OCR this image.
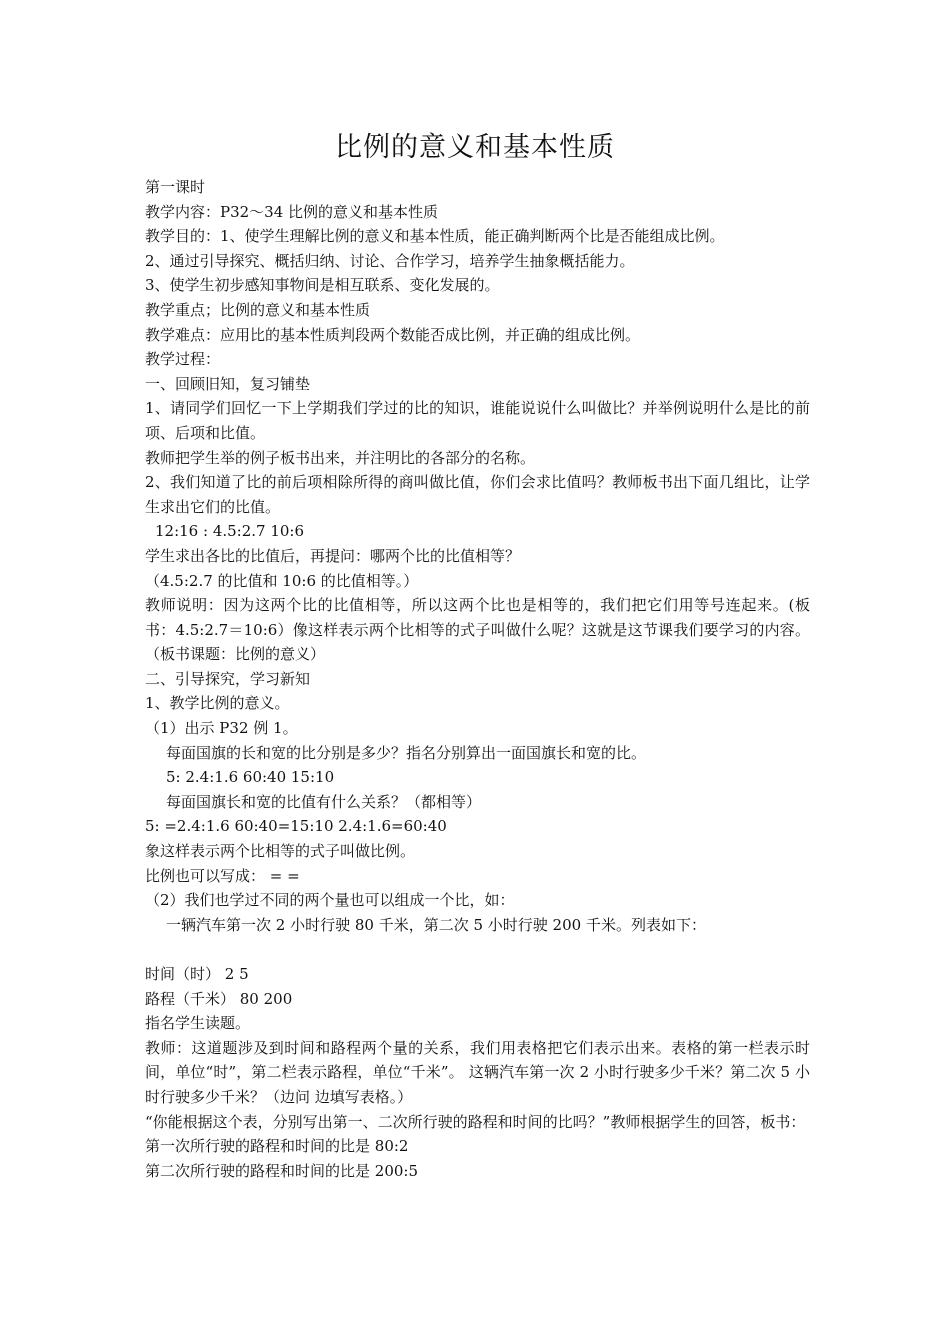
比例的意义和基本性质
第一课时
教学内容：P32～34 比例的意义和基本性质
教学目的：1、使学生理解比例的意义和基本性质，能正确判断两个比是否能组成比例。
2、通过引导探究、概括归纳、讨论、合作学习，培养学生抽象概括能力。
3、使学生初步感知事物间是相互联系、变化发展的。
教学重点；比例的意义和基本性质
教学难点：应用比的基本性质判段两个数能否成比例，并正确的组成比例。
教学过程：
一、回顾旧知，复习铺垫
1、请同学们回忆一下上学期我们学过的比的知识，谁能说说什么叫做比？并举例说明什么是比的前项、后项和比值。
教师把学生举的例子板书出来，并注明比的各部分的名称。
2、我们知道了比的前后项相除所得的商叫做比值，你们会求比值吗？教师板书出下面几组比，让学生求出它们的比值。
12:16 : 4.5:2.7 10:6
学生求出各比的比值后，再提问：哪两个比的比值相等？
（4.5:2.7 的比值和 10:6 的比值相等。）
教师说明：因为这两个比的比值相等，所以这两个比也是相等的，我们把它们用等号连起来。(板书：4.5:2.7＝10:6）像这样表示两个比相等的式子叫做什么呢？这就是这节课我们要学习的内容。（板书课题：比例的意义）
二、引导探究，学习新知
1、教学比例的意义。
（1）出示 P32 例 1。
每面国旗的长和宽的比分别是多少？指名分别算出一面国旗长和宽的比。
5: 2.4:1.6 60:40 15:10
每面国旗长和宽的比值有什么关系？（都相等）
5: =2.4:1.6 60:40=15:10 2.4:1.6=60:40
象这样表示两个比相等的式子叫做比例。
比例也可以写成： = =
（2）我们也学过不同的两个量也可以组成一个比，如：
一辆汽车第一次 2 小时行驶 80 千米，第二次 5 小时行驶 200 千米。列表如下：
时间（时） 2 5
路程（千米） 80 200
指名学生读题。
教师：这道题涉及到时间和路程两个量的关系，我们用表格把它们表示出来。表格的第一栏表示时间，单位“时”，第二栏表示路程，单位“千米”。 这辆汽车第一次 2 小时行驶多少千米？第二次 5 小时行驶多少千米？（边问 边填写表格。）
“你能根据这个表，分别写出第一、二次所行驶的路程和时间的比吗？”教师根据学生的回答，板书：
第一次所行驶的路程和时间的比是 80:2
第二次所行驶的路程和时间的比是 200:5
